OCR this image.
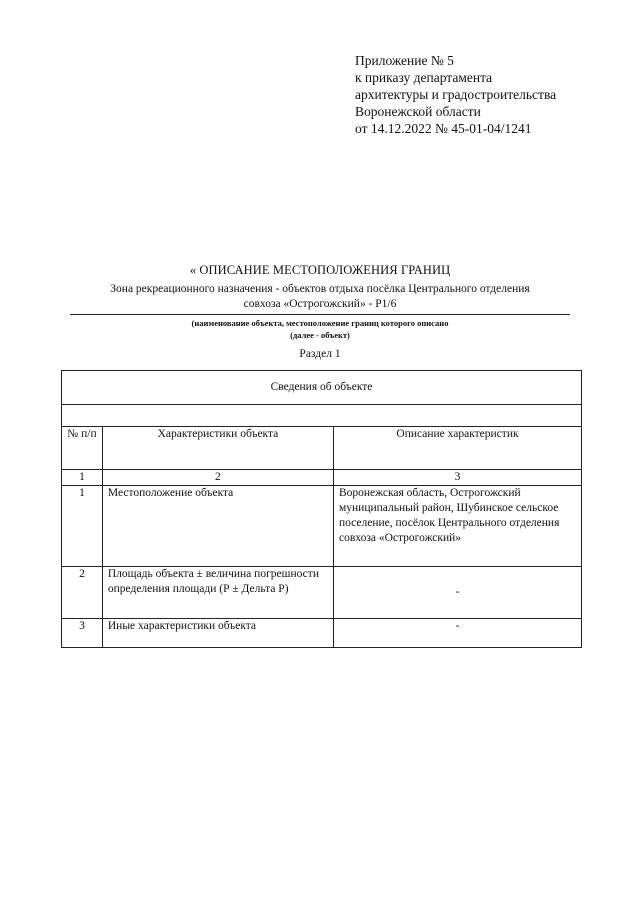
Приложение № 5
к приказу департамента
архитектуры и градостроительства
Воронежской области
от 14.12.2022 № 45-01-04/1241
« ОПИСАНИЕ МЕСТОПОЛОЖЕНИЯ ГРАНИЦ
Зона рекреационного назначения - объектов отдыха посёлка Центрального отделения
совхоза «Острогожский» - Р1/6
(наименование объекта, местоположение границ которого описано
(далее - объект)
Раздел 1
Сведения об объекте		

№ п/п	Характеристики объекта	Описание характеристик
1	2	3
1	Местоположение объекта	Воронежская область, Острогожский муниципальный район, Шубинское сельское поселение, посёлок Центрального отделения совхоза «Острогожский»
2	Площадь объекта ± величина погрешности определения площади (Р ± Дельта Р)	-
3	Иные характеристики объекта	-
